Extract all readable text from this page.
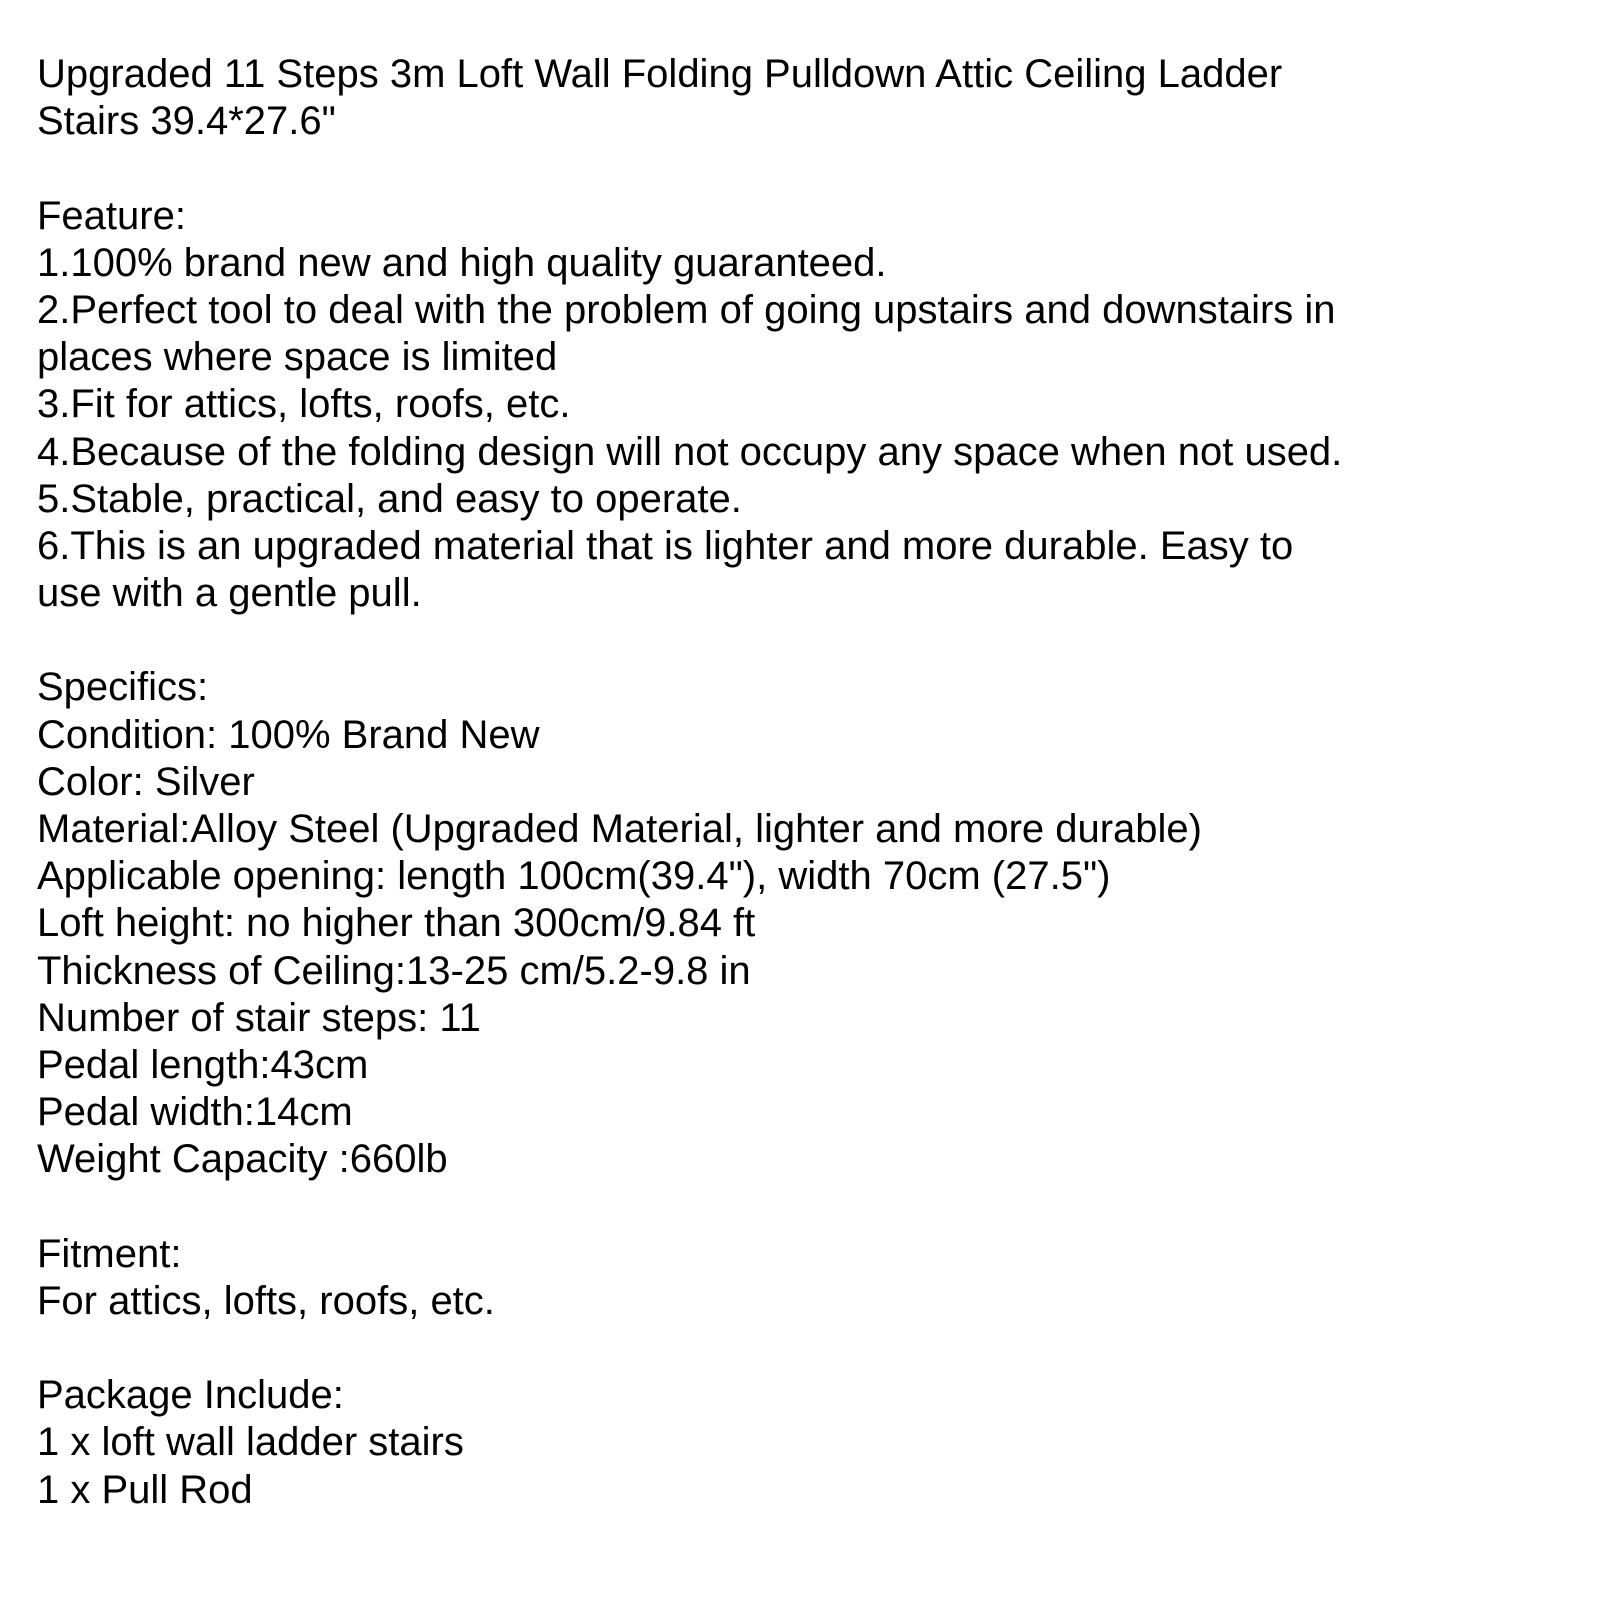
Upgraded 11 Steps 3m Loft Wall Folding Pulldown Attic Ceiling Ladder
Stairs 39.4*27.6"
Feature:
1.100% brand new and high quality guaranteed.
2.Perfect tool to deal with the problem of going upstairs and downstairs in
places where space is limited
3.Fit for attics, lofts, roofs, etc.
4.Because of the folding design will not occupy any space when not used.
5.Stable, practical, and easy to operate.
6.This is an upgraded material that is lighter and more durable. Easy to
use with a gentle pull.
Specifics:
Condition: 100% Brand New
Color: Silver
Material:Alloy Steel (Upgraded Material, lighter and more durable)
Applicable opening: length 100cm(39.4"), width 70cm (27.5")
Loft height: no higher than 300cm/9.84 ft
Thickness of Ceiling:13-25 cm/5.2-9.8 in
Number of stair steps: 11
Pedal length:43cm
Pedal width:14cm
Weight Capacity :660lb
Fitment:
For attics, lofts, roofs, etc.
Package Include:
1 x loft wall ladder stairs
1 x Pull Rod
